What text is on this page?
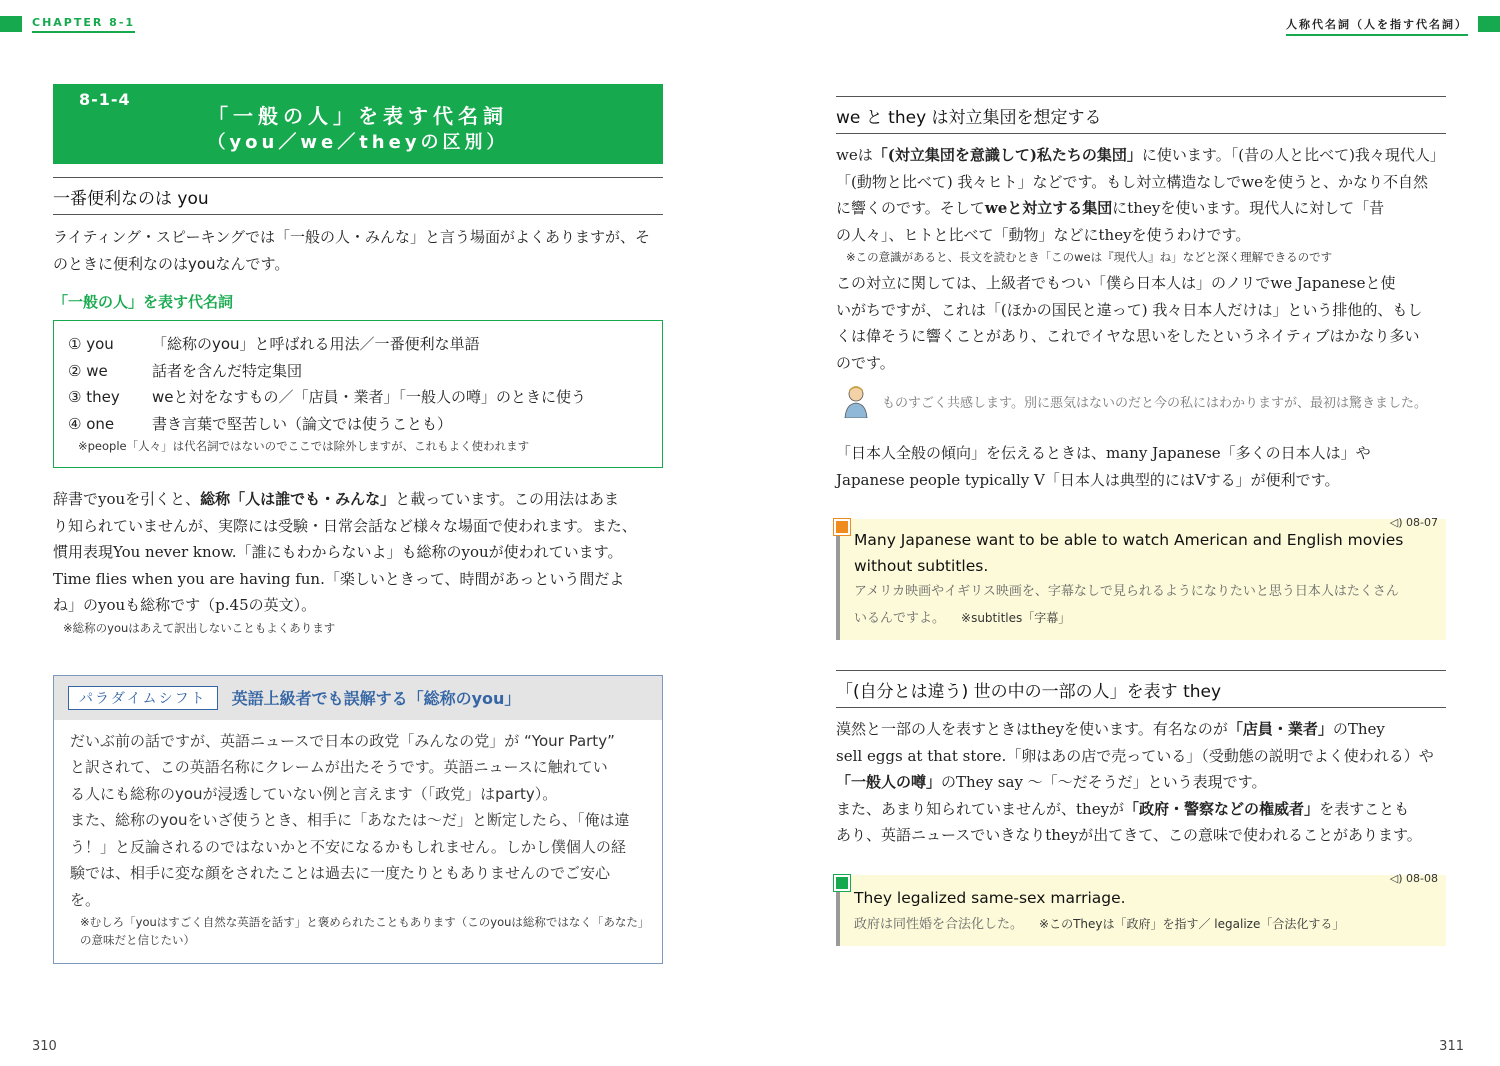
CHAPTER 8-1	人称代名詞（人を指す代名詞）
8-1-4
「一般の人」を表す代名詞
（you／we／theyの区別）
一番便利なのは you
ライティング・スピーキングでは「一般の人・みんな」と言う場面がよくありますが、そ
のときに便利なのはyouなんです。
「一般の人」を表す代名詞
① you	「総称のyou」と呼ばれる用法／一番便利な単語
② we	話者を含んだ特定集団
③ they	weと対をなすもの／「店員・業者」「一般人の噂」のときに使う
④ one	書き言葉で堅苦しい（論文では使うことも）
※people「人々」は代名詞ではないのでここでは除外しますが、これもよく使われます
辞書でyouを引くと、総称「人は誰でも・みんな」と載っています。この用法はあま
り知られていませんが、実際には受験・日常会話など様々な場面で使われます。また、
慣用表現You never know.「誰にもわからないよ」も総称のyouが使われています。
Time flies when you are having fun.「楽しいときって、時間があっという間だよ
ね」のyouも総称です（p.45の英文）。
※総称のyouはあえて訳出しないこともよくあります
パラダイムシフト	英語上級者でも誤解する「総称のyou」
だいぶ前の話ですが、英語ニュースで日本の政党「みんなの党」が “Your Party”
と訳されて、この英語名称にクレームが出たそうです。英語ニュースに触れてい
る人にも総称のyouが浸透していない例と言えます（「政党」はparty）。
また、総称のyouをいざ使うとき、相手に「あなたは〜だ」と断定したら、「俺は違
う！」と反論されるのではないかと不安になるかもしれません。しかし僕個人の経
験では、相手に変な顔をされたことは過去に一度たりともありませんのでご安心
を。
※むしろ「youはすごく自然な英語を話す」と褒められたこともあります（このyouは総称ではなく「あなた」
の意味だと信じたい）
we と they は対立集団を想定する
weは「(対立集団を意識して)私たちの集団」に使います。「(昔の人と比べて)我々現代人」
「(動物と比べて) 我々ヒト」などです。もし対立構造なしでweを使うと、かなり不自然
に響くのです。そしてweと対立する集団にtheyを使います。現代人に対して「昔
の人々」、ヒトと比べて「動物」などにtheyを使うわけです。
※この意識があると、長文を読むとき「このweは『現代人』ね」などと深く理解できるのです
この対立に関しては、上級者でもつい「僕ら日本人は」のノリでwe Japaneseと使
いがちですが、これは「(ほかの国民と違って) 我々日本人だけは」という排他的、もし
くは偉そうに響くことがあり、これでイヤな思いをしたというネイティブはかなり多い
のです。
ものすごく共感します。別に悪気はないのだと今の私にはわかりますが、最初は驚きました。
「日本人全般の傾向」を伝えるときは、many Japanese「多くの日本人は」や
Japanese people typically V「日本人は典型的にはVする」が便利です。
◁) 08-07
Many Japanese want to be able to watch American and English movies
without subtitles.
アメリカ映画やイギリス映画を、字幕なしで見られるようになりたいと思う日本人はたくさん
いるんですよ。 ※subtitles「字幕」
「(自分とは違う) 世の中の一部の人」を表す they
漠然と一部の人を表すときはtheyを使います。有名なのが「店員・業者」のThey
sell eggs at that store.「卵はあの店で売っている」（受動態の説明でよく使われる）や
「一般人の噂」のThey say 〜「〜だそうだ」という表現です。
また、あまり知られていませんが、theyが「政府・警察などの権威者」を表すことも
あり、英語ニュースでいきなりtheyが出てきて、この意味で使われることがあります。
◁) 08-08
They legalized same-sex marriage.
政府は同性婚を合法化した。 ※このTheyは「政府」を指す／ legalize「合法化する」
310	311
